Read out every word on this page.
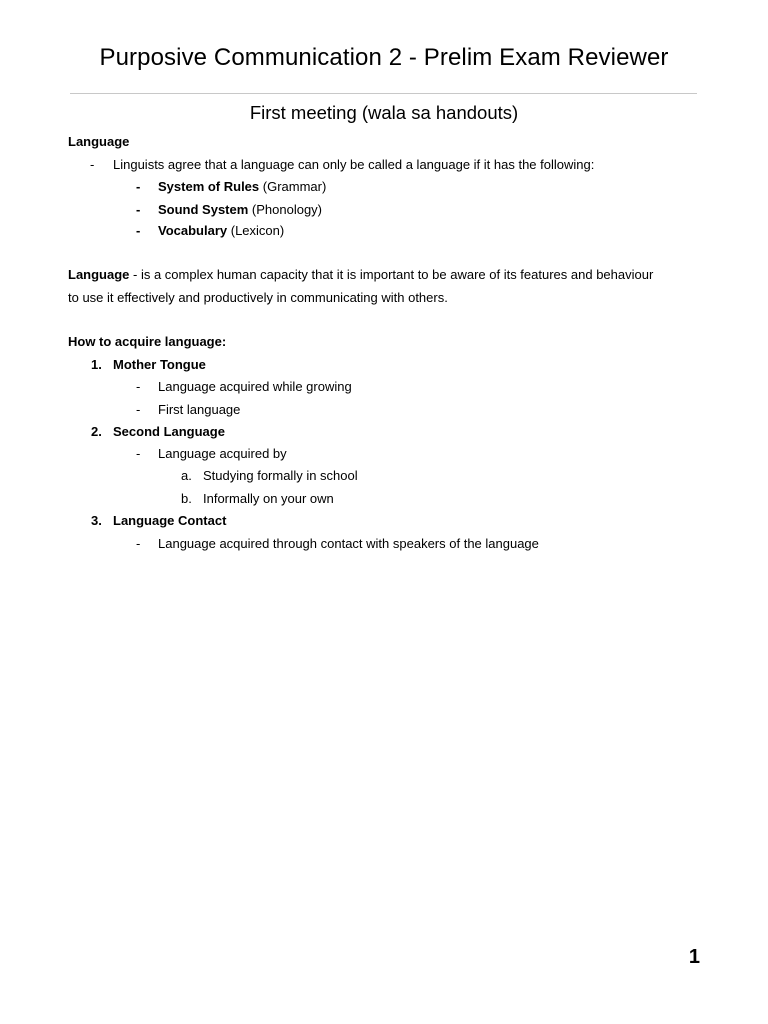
Purposive Communication 2 - Prelim Exam Reviewer
First meeting (wala sa handouts)
Language
- Linguists agree that a language can only be called a language if it has the following:
- System of Rules (Grammar)
- Sound System (Phonology)
- Vocabulary (Lexicon)
Language - is a complex human capacity that it is important to be aware of its features and behaviour
to use it effectively and productively in communicating with others.
How to acquire language:
1. Mother Tongue
- Language acquired while growing
- First language
2. Second Language
- Language acquired by
a. Studying formally in school
b. Informally on your own
3. Language Contact
- Language acquired through contact with speakers of the language
1
